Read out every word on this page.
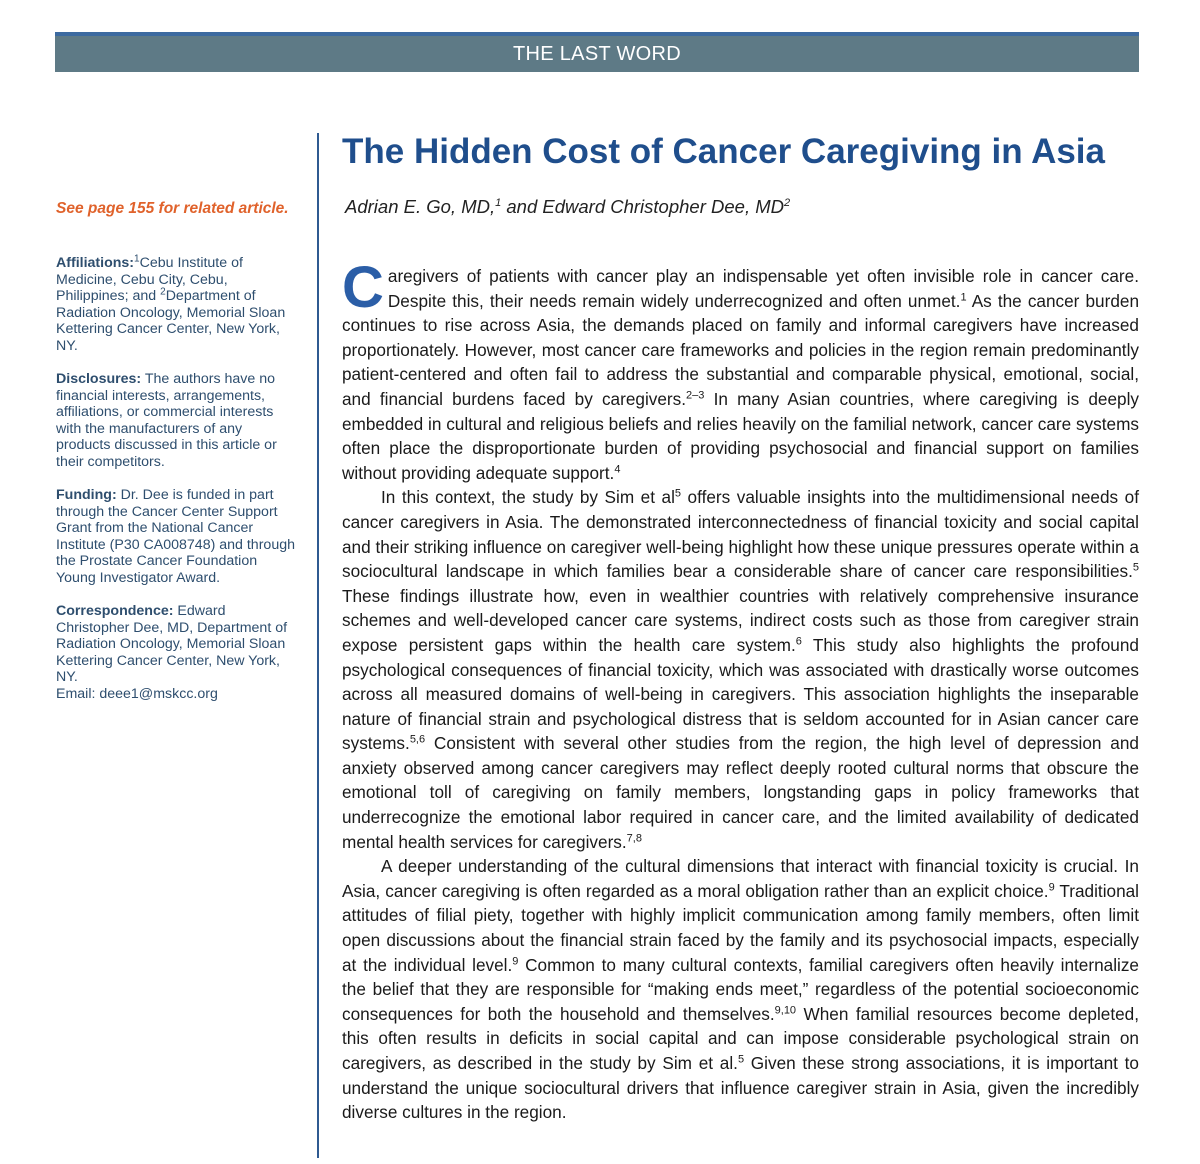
THE LAST WORD

See page 155 for related article.

Affiliations:$^1$Cebu Institute of Medicine, Cebu City, Cebu, Philippines; and $^2$Department of Radiation Oncology, Memorial Sloan Kettering Cancer Center, New York, NY.

Disclosures: The authors have no financial interests, arrangements, affiliations, or commercial interests with the manufacturers of any products discussed in this article or their competitors.

Funding: Dr. Dee is funded in part through the Cancer Center Support Grant from the National Cancer Institute (P30 CA008748) and through the Prostate Cancer Foundation Young Investigator Award.

Correspondence: Edward Christopher Dee, MD, Department of Radiation Oncology, Memorial Sloan Kettering Cancer Center, New York, NY.
Email: deee1@mskcc.org

The Hidden Cost of Cancer Caregiving in Asia

Adrian E. Go, MD,$^1$ and Edward Christopher Dee, $MD^2$

Caregivers of patients with cancer play an indispensable yet often invisible role in cancer care. Despite this, their needs remain widely underrecognized and often unmet.$^1$ As the cancer burden continues to rise across Asia, the demands placed on family and informal caregivers have increased proportionately. However, most cancer care frameworks and policies in the region remain predominantly patient-centered and often fail to address the substantial and comparable physical, emotional, social, and financial burdens faced by caregivers.$^{2-3}$ In many Asian countries, where caregiving is deeply embedded in cultural and religious beliefs and relies heavily on the familial network, cancer care systems often place the disproportionate burden of providing psychosocial and financial support on families without providing adequate support.$^4$

In this context, the study by Sim et $al^5$ offers valuable insights into the multidimensional needs of cancer caregivers in Asia. The demonstrated interconnectedness of financial toxicity and social capital and their striking influence on caregiver well-being highlight how these unique pressures operate within a sociocultural landscape in which families bear a considerable share of cancer care responsibilities.$^5$ These findings illustrate how, even in wealthier countries with relatively comprehensive insurance schemes and well-developed cancer care systems, indirect costs such as those from caregiver strain expose persistent gaps within the health care system.$^6$ This study also highlights the profound psychological consequences of financial toxicity, which was associated with drastically worse outcomes across all measured domains of well-being in caregivers. This association highlights the inseparable nature of financial strain and psychological distress that is seldom accounted for in Asian cancer care systems.$^{5,6}$ Consistent with several other studies from the region, the high level of depression and anxiety observed among cancer caregivers may reflect deeply rooted cultural norms that obscure the emotional toll of caregiving on family members, longstanding gaps in policy frameworks that underrecognize the emotional labor required in cancer care, and the limited availability of dedicated mental health services for caregivers.$^{7,8}$

A deeper understanding of the cultural dimensions that interact with financial toxicity is crucial. In Asia, cancer caregiving is often regarded as a moral obligation rather than an explicit choice.$^9$ Traditional attitudes of filial piety, together with highly implicit communication among family members, often limit open discussions about the financial strain faced by the family and its psychosocial impacts, especially at the individual level.$^9$ Common to many cultural contexts, familial caregivers often heavily internalize the belief that they are responsible for “making ends meet,” regardless of the potential socioeconomic consequences for both the household and themselves.$^{9,10}$ When familial resources become depleted, this often results in deficits in social capital and can impose considerable psychological strain on caregivers, as described in the study by Sim et al.$^5$ Given these strong associations, it is important to understand the unique sociocultural drivers that influence caregiver strain in Asia, given the incredibly diverse cultures in the region.
